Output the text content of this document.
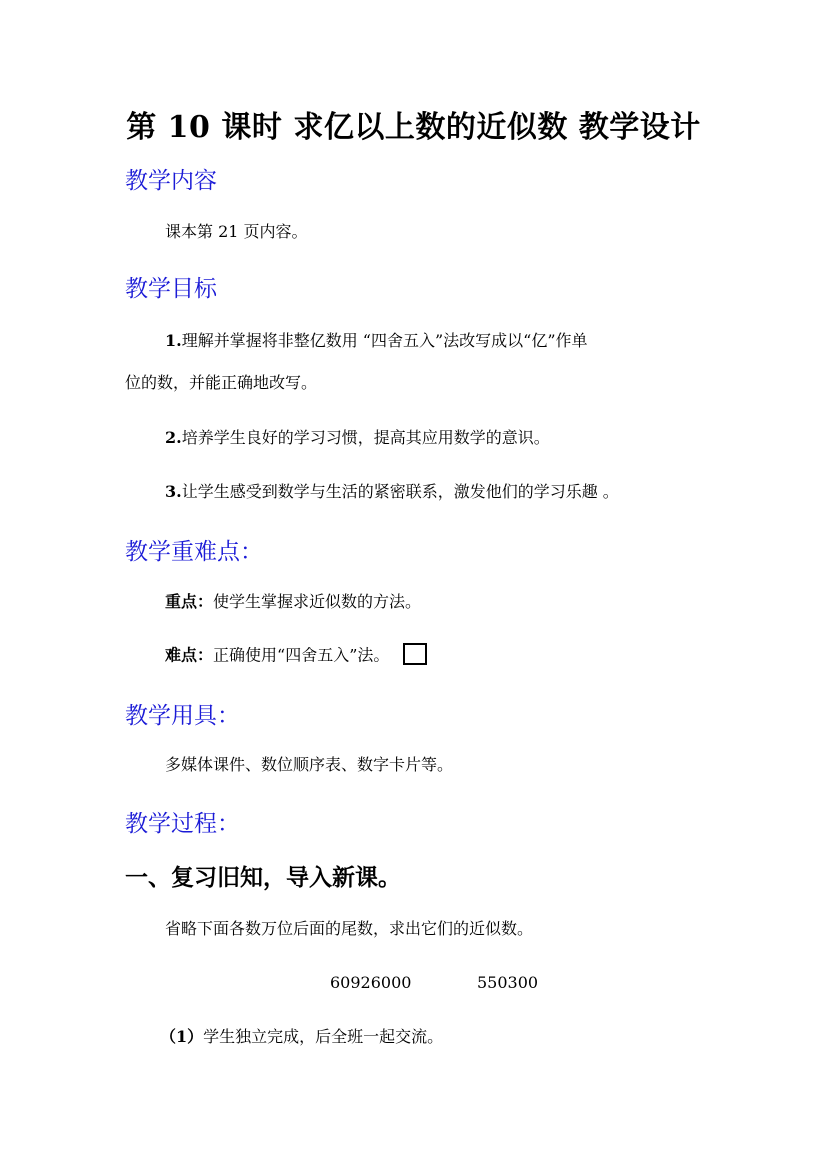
第 10 课时 求亿以上数的近似数 教学设计
教学内容
课本第 21 页内容。
教学目标
1.理解并掌握将非整亿数用 “四舍五入”法改写成以“亿”作单
位的数，并能正确地改写。
2.培养学生良好的学习习惯，提高其应用数学的意识。
3.让学生感受到数学与生活的紧密联系，激发他们的学习乐趣 。
教学重难点：
重点：使学生掌握求近似数的方法。
难点：正确使用“四舍五入”法。
教学用具：
多媒体课件、数位顺序表、数字卡片等。
教学过程：
一、复习旧知，导入新课。
省略下面各数万位后面的尾数，求出它们的近似数。
60926000	550300
（1）学生独立完成，后全班一起交流。
